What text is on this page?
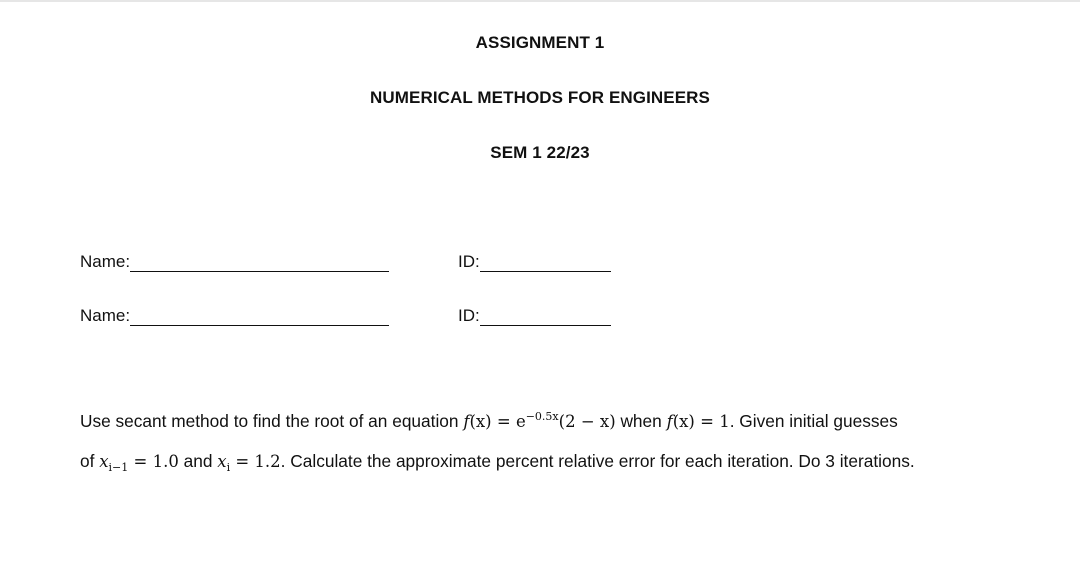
ASSIGNMENT 1
NUMERICAL METHODS FOR ENGINEERS
SEM 1 22/23
Name:	ID:
Name:	ID:
Use secant method to find the root of an equation $f(x) = e^{-0.5x}(2 - x)$ when f(x) = 1. Given initial guesses
of $x_{i-1} = 1.0$ and $x_i = 1.2$. Calculate the approximate percent relative error for each iteration. Do 3 iterations.
